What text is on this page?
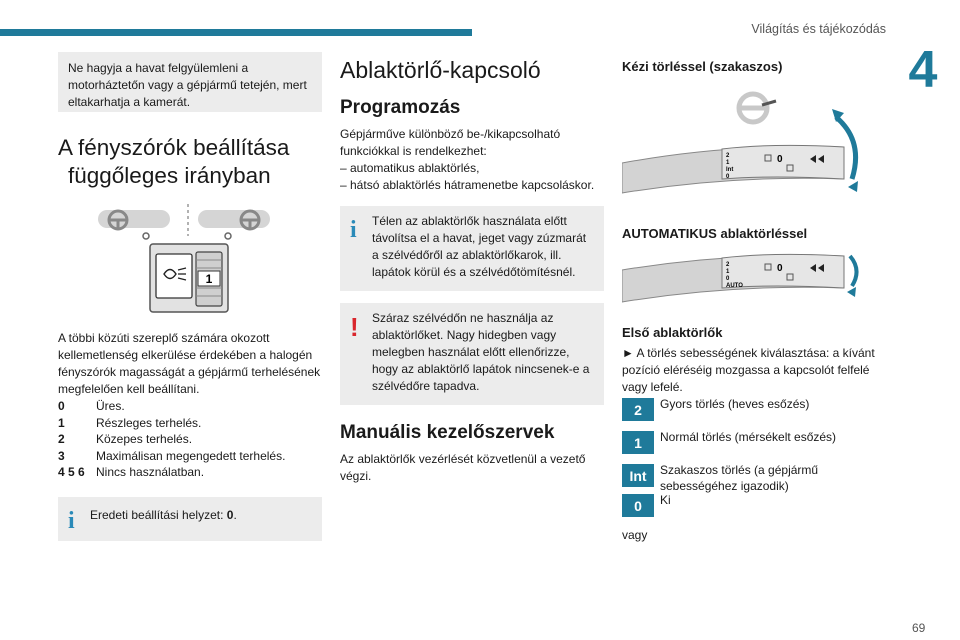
Világítás és tájékozódás
4
69
Ne hagyja a havat felgyülemleni a motorháztetőn vagy a gépjármű tetején, mert eltakarhatja a kamerát.
A fényszórók beállítása
függőleges irányban
1
A többi közúti szereplő számára okozott kellemetlenség elkerülése érdekében a halogén fényszórók magasságát a gépjármű terhelésének megfelelően kell beállítani.
0	Üres.
1	Részleges terhelés.
2	Közepes terhelés.
3	Maximálisan megengedett terhelés.
4 5 6 Nincs használatban.
i	Eredeti beállítási helyzet: 0.
Ablaktörlő-kapcsoló
Programozás
Gépjárműve különböző be-/kikapcsolható funkciókkal is rendelkezhet:
– automatikus ablaktörlés,
– hátsó ablaktörlés hátramenetbe kapcsoláskor.
i	Télen az ablaktörlők használata előtt távolítsa el a havat, jeget vagy zúzmarát a szélvédőről az ablaktörlőkarok, ill. lapátok körül és a szélvédőtömítésnél.
!	Száraz szélvédőn ne használja az ablaktörlőket. Nagy hidegben vagy melegben használat előtt ellenőrizze, hogy az ablaktörlő lapátok nincsenek-e a szélvédőre tapadva.
Manuális kezelőszervek
Az ablaktörlők vezérlését közvetlenül a vezető végzi.
Kézi törléssel (szakaszos)
2
1
Int
0
0
AUTOMATIKUS ablaktörléssel
2
1
0
AUTO
0
Első ablaktörlők
► A törlés sebességének kiválasztása: a kívánt pozíció eléréséig mozgassa a kapcsolót felfelé vagy lefelé.
2	Gyors törlés (heves esőzés)
1	Normál törlés (mérsékelt esőzés)
Int	Szakaszos törlés (a gépjármű sebességéhez igazodik)
0	Ki
vagy
